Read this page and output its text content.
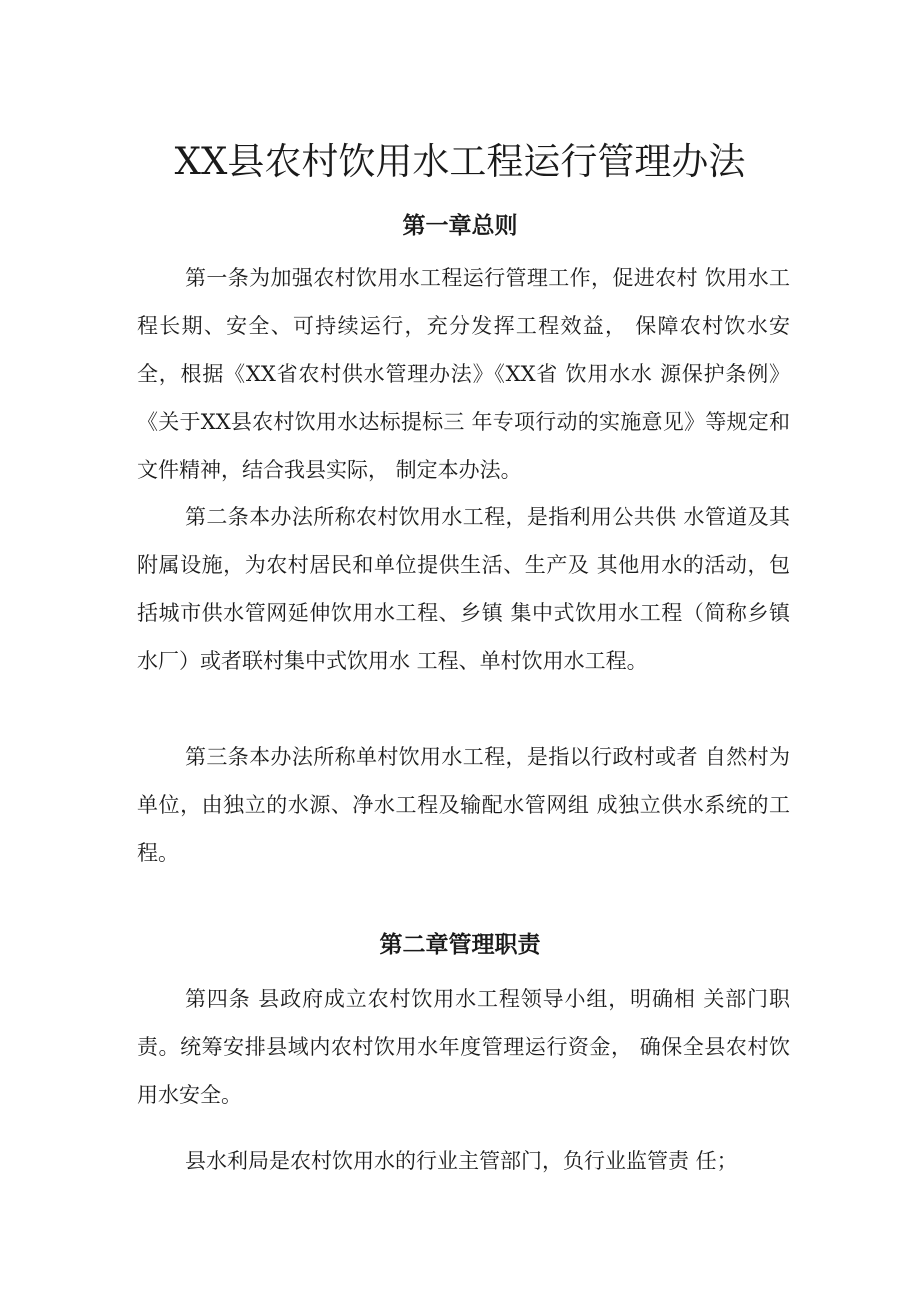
XX县农村饮用水工程运行管理办法
第一章总则

第一条为加强农村饮用水工程运行管理工作，促进农村 饮用水工程长期、安全、可持续运行，充分发挥工程效益， 保障农村饮水安全，根据《XX省农村供水管理办法》《XX省 饮用水水 源保护条例》《关于XX县农村饮用水达标提标三 年专项行动的实施意见》等规定和文件精神，结合我县实际， 制定本办法。

第二条本办法所称农村饮用水工程，是指利用公共供 水管道及其附属设施，为农村居民和单位提供生活、生产及 其他用水的活动，包括城市供水管网延伸饮用水工程、乡镇 集中式饮用水工程（简称乡镇水厂）或者联村集中式饮用水 工程、单村饮用水工程。

第三条本办法所称单村饮用水工程，是指以行政村或者 自然村为单位，由独立的水源、净水工程及输配水管网组 成独立供水系统的工程。

第二章管理职责

第四条 县政府成立农村饮用水工程领导小组，明确相 关部门职责。统筹安排县域内农村饮用水年度管理运行资金， 确保全县农村饮用水安全。

县水利局是农村饮用水的行业主管部门，负行业监管责 任；
